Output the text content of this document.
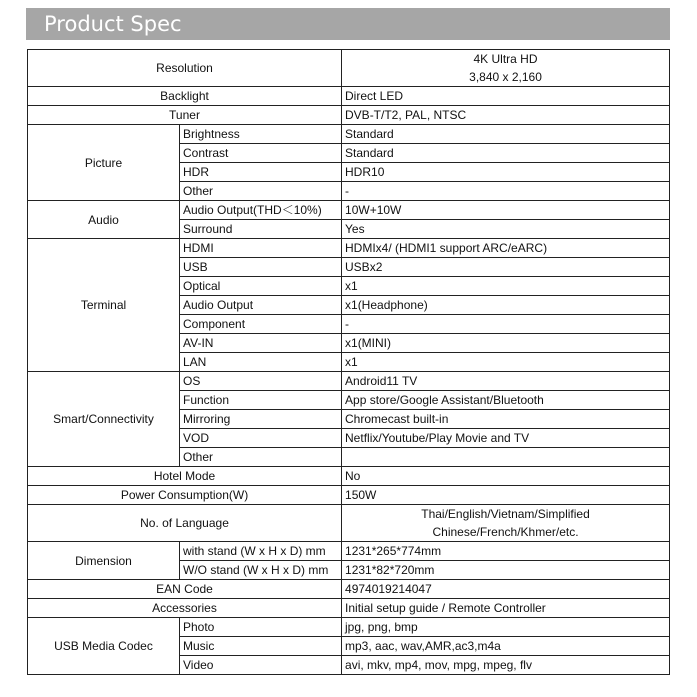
Product Spec
Resolution		4K Ultra HD
3,840 x 2,160

Backlight		Direct LED
Tuner		DVB-T/T2, PAL, NTSC
Picture	Brightness	Standard
	Contrast	Standard
	HDR	HDR10
	Other	-
Audio	Audio Output(THD＜10%)	10W+10W
	Surround	Yes
Terminal	HDMI	HDMIx4/ (HDMI1 support ARC/eARC)
	USB	USBx2
	Optical	x1
	Audio Output	x1(Headphone)
	Component	-
	AV-IN	x1(MINI)
	LAN	x1
Smart/Connectivity	OS	Android11 TV
	Function	App store/Google Assistant/Bluetooth
	Mirroring	Chromecast built-in
	VOD	Netflix/Youtube/Play Movie and TV
	Other	
Hotel Mode		No
Power Consumption(W)		150W
No. of Language		Thai/English/Vietnam/Simplified
Chinese/French/Khmer/etc.

Dimension	with stand (W x H x D) mm	1231*265*774mm
	W/O stand (W x H x D) mm	1231*82*720mm
EAN Code		4974019214047
Accessories		Initial setup guide / Remote Controller
USB Media Codec	Photo	jpg, png, bmp
	Music	mp3, aac, wav,AMR,ac3,m4a
	Video	avi, mkv, mp4, mov, mpg, mpeg, flv
